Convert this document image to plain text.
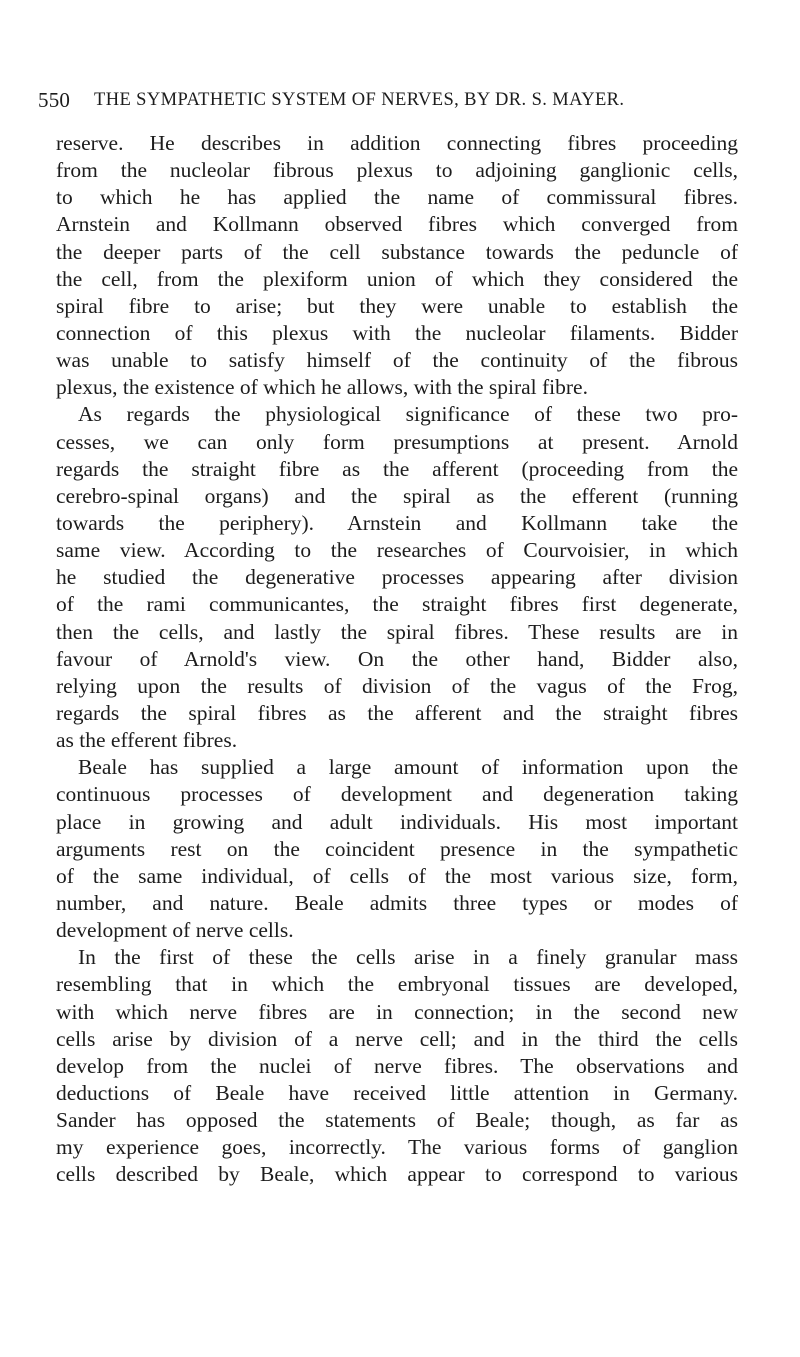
550 THE SYMPATHETIC SYSTEM OF NERVES, BY DR. S. MAYER.
reserve. He describes in addition connecting fibres proceeding
from the nucleolar fibrous plexus to adjoining ganglionic cells,
to which he has applied the name of commissural fibres.
Arnstein and Kollmann observed fibres which converged from
the deeper parts of the cell substance towards the peduncle of
the cell, from the plexiform union of which they considered the
spiral fibre to arise; but they were unable to establish the
connection of this plexus with the nucleolar filaments. Bidder
was unable to satisfy himself of the continuity of the fibrous
plexus, the existence of which he allows, with the spiral fibre.
As regards the physiological significance of these two pro-
cesses, we can only form presumptions at present. Arnold
regards the straight fibre as the afferent (proceeding from the
cerebro-spinal organs) and the spiral as the efferent (running
towards the periphery). Arnstein and Kollmann take the
same view. According to the researches of Courvoisier, in which
he studied the degenerative processes appearing after division
of the rami communicantes, the straight fibres first degenerate,
then the cells, and lastly the spiral fibres. These results are in
favour of Arnold's view. On the other hand, Bidder also,
relying upon the results of division of the vagus of the Frog,
regards the spiral fibres as the afferent and the straight fibres
as the efferent fibres.
Beale has supplied a large amount of information upon the
continuous processes of development and degeneration taking
place in growing and adult individuals. His most important
arguments rest on the coincident presence in the sympathetic
of the same individual, of cells of the most various size, form,
number, and nature. Beale admits three types or modes of
development of nerve cells.
In the first of these the cells arise in a finely granular mass
resembling that in which the embryonal tissues are developed,
with which nerve fibres are in connection; in the second new
cells arise by division of a nerve cell; and in the third the cells
develop from the nuclei of nerve fibres. The observations and
deductions of Beale have received little attention in Germany.
Sander has opposed the statements of Beale; though, as far as
my experience goes, incorrectly. The various forms of ganglion
cells described by Beale, which appear to correspond to various
